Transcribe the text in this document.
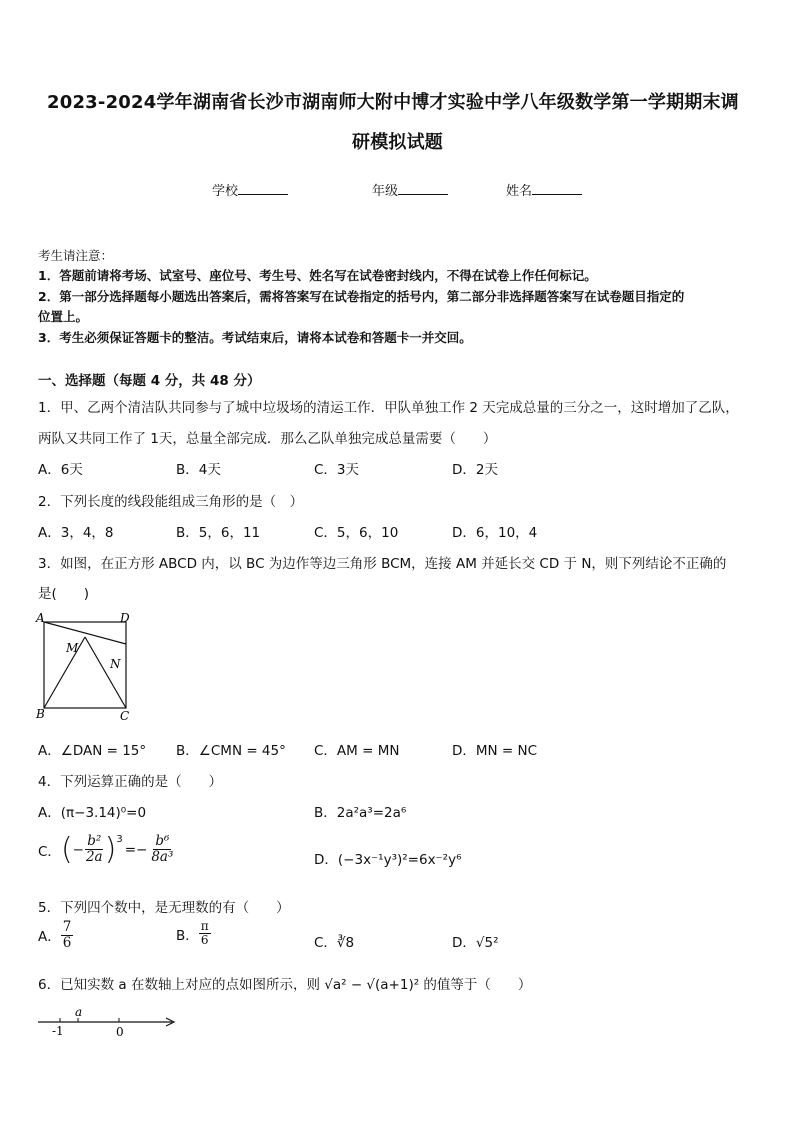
2023-2024学年湖南省长沙市湖南师大附中博才实验中学八年级数学第一学期期末调
研模拟试题
学校	年级	姓名
考生请注意：
1．答题前请将考场、试室号、座位号、考生号、姓名写在试卷密封线内，不得在试卷上作任何标记。
2．第一部分选择题每小题选出答案后，需将答案写在试卷指定的括号内，第二部分非选择题答案写在试卷题目指定的
位置上。
3．考生必须保证答题卡的整洁。考试结束后，请将本试卷和答题卡一并交回。
一、选择题（每题 4 分，共 48 分）
1．甲、乙两个清洁队共同参与了城中垃圾场的清运工作．甲队单独工作 2 天完成总量的三分之一，这时增加了乙队，
两队又共同工作了 1天，总量全部完成．那么乙队单独完成总量需要（　　）
A．6天	B．4天	C．3天	D．2天
2．下列长度的线段能组成三角形的是（　）
A．3，4，8	B．5，6，11	C．5，6，10	D．6，10，4
3．如图，在正方形 ABCD 内，以 BC 为边作等边三角形 BCM，连接 AM 并延长交 CD 于 N，则下列结论不正确的
是(　　)
A	D
B	C
M
N
A．∠DAN = 15° B．∠CMN = 45° C．AM = MN	D．MN = NC
4．下列运算正确的是（　　）
A．(π−3.14)⁰=0	B．2a²a³=2a⁶
C． ( − $\frac{\text{b²}}{2a} )^3$
=− $\frac{\text{b⁶}}{\text{8a³}}$	D．(−3x⁻¹y³)²=6x⁻²y⁶
5．下列四个数中，是无理数的有（　　）
A． $\frac{7}{6}$	B． $\frac{\pi}{6}$	C．∛8	D．√5²
6．已知实数 a 在数轴上对应的点如图所示，则 √a² − √(a+1)² 的值等于（　　）
a
-1	0
